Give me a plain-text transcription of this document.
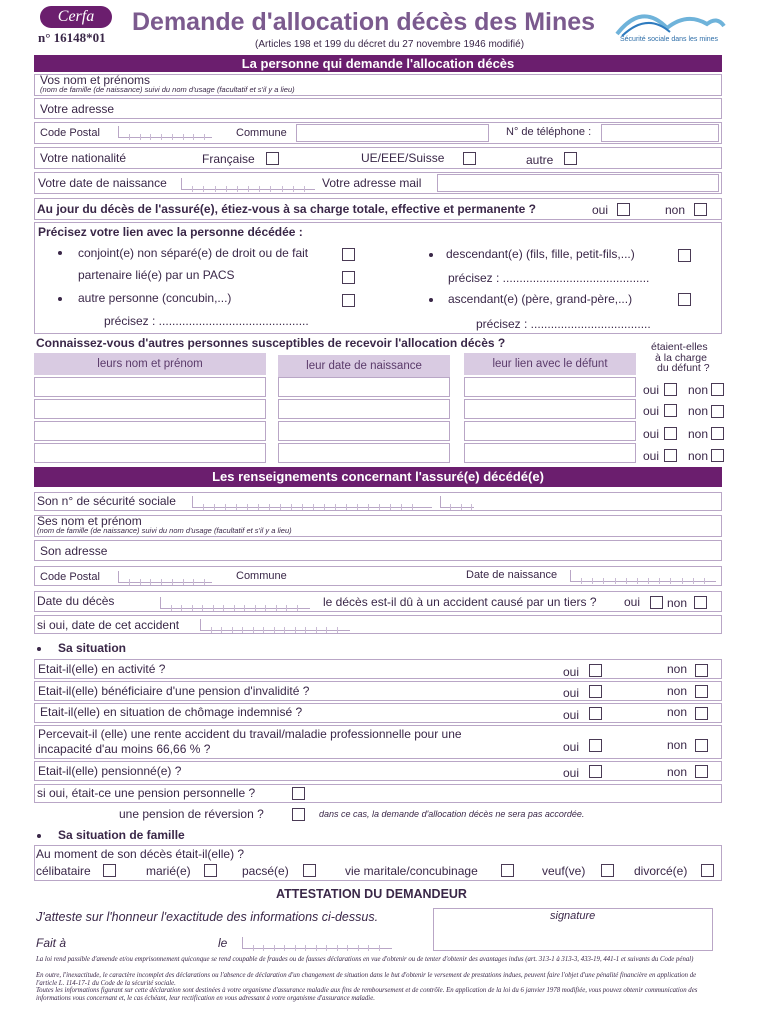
Cerfa
n° 16148*01
Demande d'allocation décès des Mines
(Articles 198 et 199 du décret du 27 novembre 1946 modifié)	Sécurité sociale dans les mines
La personne qui demande l'allocation décès
Vos nom et prénoms
(nom de famille (de naissance) suivi du nom d'usage (facultatif et s'il y a lieu)
Votre adresse
Code Postal	Commune	N° de téléphone :
Votre nationalité	Française	UE/EEE/Suisse	autre
Votre date de naissance	Votre adresse mail
Au jour du décès de l'assuré(e), étiez-vous à sa charge totale, effective et permanente ?	oui	non
Précisez votre lien avec la personne décédée :
conjoint(e) non séparé(e) de droit ou de fait
partenaire lié(e) par un PACS
autre personne (concubin,...)
précisez : .............................................
descendant(e) (fils, fille, petit-fils,...)
précisez : ............................................
ascendant(e) (père, grand-père,...)
précisez : ....................................
Connaissez-vous d'autres personnes susceptibles de recevoir l'allocation décès ?	étaient-elles
à la charge
du défunt ?
leurs nom et prénom	leur date de naissance	leur lien avec le défunt
oui non
oui non
oui non
oui non
Les renseignements concernant l'assuré(e) décédé(e)
Son n° de sécurité sociale
Ses nom et prénom
(nom de famille (de naissance) suivi du nom d'usage (facultatif et s'il y a lieu)
Son adresse
Code Postal	Commune	Date de naissance
Date du décès	le décès est-il dû à un accident causé par un tiers ? oui non
si oui, date de cet accident
Sa situation
Etait-il(elle) en activité ?	oui	non
Etait-il(elle) bénéficiaire d'une pension d'invalidité ?	oui	non
Etait-il(elle) en situation de chômage indemnisé ?	oui	non
Percevait-il (elle) une rente accident du travail/maladie professionnelle pour une
incapacité d'au moins 66,66 % ?	oui	non
Etait-il(elle) pensionné(e) ?	oui	non
si oui, était-ce une pension personnelle ?
une pension de réversion ?	dans ce cas, la demande d'allocation décès ne sera pas accordée.
Sa situation de famille
Au moment de son décès était-il(elle) ?
célibataire	marié(e)	pacsé(e)	vie maritale/concubinage	veuf(ve)	divorcé(e)
ATTESTATION DU DEMANDEUR
J'atteste sur l'honneur l'exactitude des informations ci-dessus.	signature
Fait à	le
La loi rend passible d'amende et/ou emprisonnement quiconque se rend coupable de fraudes ou de fausses déclarations en vue d'obtenir ou de tenter d'obtenir des avantages indus (art. 313-1 à 313-3, 433-19, 441-1 et suivants du Code pénal)
En outre, l'inexactitude, le caractère incomplet des déclarations ou l'absence de déclaration d'un changement de situation dans le but d'obtenir le versement de prestations indues, peuvent faire l'objet d'une pénalité financière en application de l'article L. 114-17-1 du Code de la sécurité sociale.
Toutes les informations figurant sur cette déclaration sont destinées à votre organisme d'assurance maladie aux fins de remboursement et de contrôle. En application de la loi du 6 janvier 1978 modifiée, vous pouvez obtenir communication des informations vous concernant et, le cas échéant, leur rectification en vous adressant à votre organisme d'assurance maladie.
